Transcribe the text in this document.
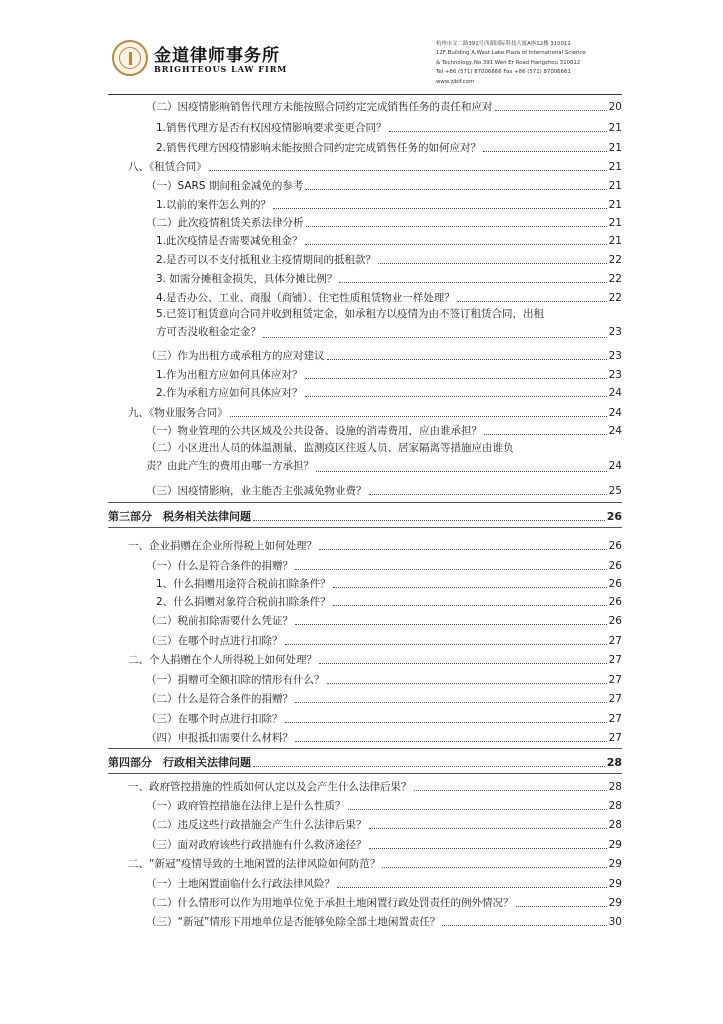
金道律师事务所
BRIGHTEOUS LAW FIRM
杭州市文二路391号西湖国际科技大厦A座12楼 310012
12F,Building A,West Lake Plaza of International Science
& Technology,No.391 Wen Er Road Hangzhou 310012
Tel +86 (571) 87006666 Fax +86 (571) 87006661
www.zjblf.com
（二）因疫情影响销售代理方未能按照合同约定完成销售任务的责任和应对	20
1.销售代理方是否有权因疫情影响要求变更合同？	21
2.销售代理方因疫情影响未能按照合同约定完成销售任务的如何应对？	21
八、《租赁合同》	21
（一）SARS 期间租金减免的参考	21
1.以前的案件怎么判的？	21
（二）此次疫情租赁关系法律分析	21
1.此次疫情是否需要减免租金？	21
2.是否可以不支付抵租业主疫情期间的抵租款？	22
3. 如需分摊租金损失，具体分摊比例？	22
4.是否办公、工业、商服（商铺）、住宅性质租赁物业一样处理？	22
5.已签订租赁意向合同并收到租赁定金，如承租方以疫情为由不签订租赁合同，出租
方可否没收租金定金？	23
（三）作为出租方或承租方的应对建议	23
1.作为出租方应如何具体应对？	23
2.作为承租方应如何具体应对？	24
九、《物业服务合同》	24
（一）物业管理的公共区域及公共设备、设施的消毒费用，应由谁承担？	24
（二）小区进出人员的体温测量、监测疫区往返人员、居家隔离等措施应由谁负
责？由此产生的费用由哪一方承担？	24
（三）因疫情影响，业主能否主张减免物业费？	25
第三部分　税务相关法律问题	26
一、企业捐赠在企业所得税上如何处理？	26
（一）什么是符合条件的捐赠？	26
1、什么捐赠用途符合税前扣除条件？	26
2、什么捐赠对象符合税前扣除条件？	26
（二）税前扣除需要什么凭证？	26
（三）在哪个时点进行扣除？	27
二、个人捐赠在个人所得税上如何处理？	27
（一）捐赠可全额扣除的情形有什么？	27
（二）什么是符合条件的捐赠？	27
（三）在哪个时点进行扣除？	27
（四）申报抵扣需要什么材料？	27
第四部分　行政相关法律问题	28
一、政府管控措施的性质如何认定以及会产生什么法律后果？	28
（一）政府管控措施在法律上是什么性质？	28
（二）违反这些行政措施会产生什么法律后果？	28
（三）面对政府该些行政措施有什么救济途径？	29
二、“新冠”疫情导致的土地闲置的法律风险如何防范？	29
（一）土地闲置面临什么行政法律风险？	29
（二）什么情形可以作为用地单位免于承担土地闲置行政处罚责任的例外情况？	29
（三）“新冠”情形下用地单位是否能够免除全部土地闲置责任？	30
